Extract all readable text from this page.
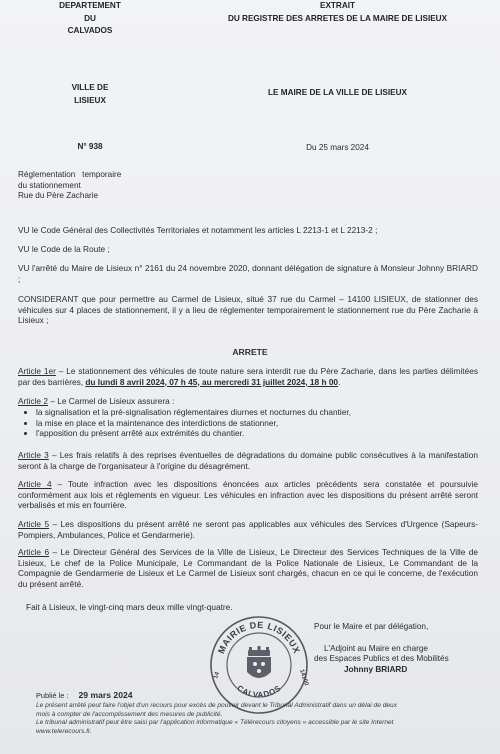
DEPARTEMENT
DU
CALVADOS
EXTRAIT
DU REGISTRE DES ARRETES DE LA MAIRE DE LISIEUX
VILLE DE
LISIEUX
LE MAIRE DE LA VILLE DE LISIEUX
N° 938	Du 25 mars 2024
Réglementation   temporaire
du stationnement
Rue du Père Zacharie
VU le Code Général des Collectivités Territoriales et notamment les articles L 2213-1 et L 2213-2 ;
VU le Code de la Route ;
VU l'arrêté du Maire de Lisieux n° 2161 du 24 novembre 2020, donnant délégation de signature à Monsieur Johnny BRIARD ;
CONSIDERANT que pour permettre au Carmel de Lisieux, situé 37 rue du Carmel – 14100 LISIEUX, de stationner des véhicules sur 4 places de stationnement, il y a lieu de réglementer temporairement le stationnement rue du Père Zacharie à Lisieux ;
ARRETE
Article 1er – Le stationnement des véhicules de toute nature sera interdit rue du Père Zacharie, dans les parties délimitées par des barrières, du lundi 8 avril 2024, 07 h 45, au mercredi 31 juillet 2024, 18 h 00.
Article 2 – Le Carmel de Lisieux assurera :
• la signalisation et la pré-signalisation réglementaires diurnes et nocturnes du chantier,
• la mise en place et la maintenance des interdictions de stationner,
• l'apposition du présent arrêté aux extrémités du chantier.
Article 3 – Les frais relatifs à des reprises éventuelles de dégradations du domaine public consécutives à la manifestation seront à la charge de l'organisateur à l'origine du désagrément.
Article 4 – Toute infraction avec les dispositions énoncées aux articles précédents sera constatée et poursuivie conformément aux lois et règlements en vigueur. Les véhicules en infraction avec les dispositions du présent arrêté seront verbalisés et mis en fourrière.
Article 5 – Les dispositions du présent arrêté ne seront pas applicables aux véhicules des Services d'Urgence (Sapeurs-Pompiers, Ambulances, Police et Gendarmerie).
Article 6 – Le Directeur Général des Services de la Ville de Lisieux, Le Directeur des Services Techniques de la Ville de Lisieux, Le chef de la Police Municipale, Le Commandant de la Police Nationale de Lisieux, Le Commandant de la Compagnie de Gendarmerie de Lisieux et Le Carmel de Lisieux sont chargés, chacun en ce qui le concerne, de l'exécution du présent arrêté.
Fait à Lisieux, le vingt-cinq mars deux mille vingt-quatre.
MAIRIE DE LISIEUX
CALVADOS
14	14100
Pour le Maire et par délégation,
L'Adjoint au Maire en charge
des Espaces Publics et des Mobilités
Johnny BRIARD
Publié le : 29 mars 2024
Le présent arrêté peut faire l'objet d'un recours pour excès de pouvoir devant le Tribunal Administratif dans un délai de deux
mois à compter de l'accomplissement des mesures de publicité.
Le tribunal administratif peut être saisi par l'application informatique « Télérecours citoyens » accessible par le site Internet
www.telerecours.fr.
